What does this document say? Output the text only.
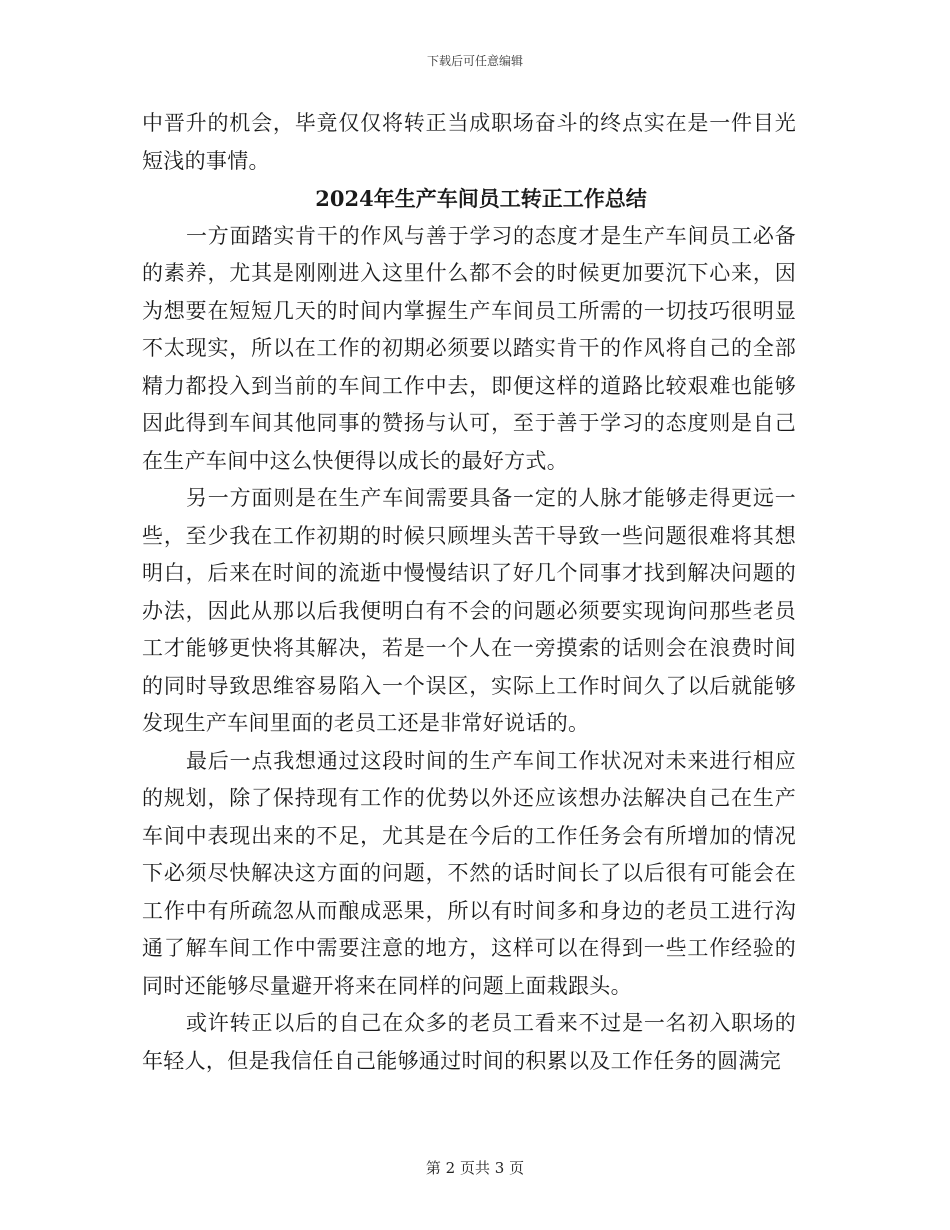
下载后可任意编辑

中晋升的机会，毕竟仅仅将转正当成职场奋斗的终点实在是一件目光短浅的事情。

2024年生产车间员工转正工作总结

一方面踏实肯干的作风与善于学习的态度才是生产车间员工必备的素养，尤其是刚刚进入这里什么都不会的时候更加要沉下心来，因为想要在短短几天的时间内掌握生产车间员工所需的一切技巧很明显不太现实，所以在工作的初期必须要以踏实肯干的作风将自己的全部精力都投入到当前的车间工作中去，即便这样的道路比较艰难也能够因此得到车间其他同事的赞扬与认可，至于善于学习的态度则是自己在生产车间中这么快便得以成长的最好方式。

另一方面则是在生产车间需要具备一定的人脉才能够走得更远一些，至少我在工作初期的时候只顾埋头苦干导致一些问题很难将其想明白，后来在时间的流逝中慢慢结识了好几个同事才找到解决问题的办法，因此从那以后我便明白有不会的问题必须要实现询问那些老员工才能够更快将其解决，若是一个人在一旁摸索的话则会在浪费时间的同时导致思维容易陷入一个误区，实际上工作时间久了以后就能够发现生产车间里面的老员工还是非常好说话的。

最后一点我想通过这段时间的生产车间工作状况对未来进行相应的规划，除了保持现有工作的优势以外还应该想办法解决自己在生产车间中表现出来的不足，尤其是在今后的工作任务会有所增加的情况下必须尽快解决这方面的问题，不然的话时间长了以后很有可能会在工作中有所疏忽从而酿成恶果，所以有时间多和身边的老员工进行沟通了解车间工作中需要注意的地方，这样可以在得到一些工作经验的同时还能够尽量避开将来在同样的问题上面栽跟头。

或许转正以后的自己在众多的老员工看来不过是一名初入职场的年轻人，但是我信任自己能够通过时间的积累以及工作任务的圆满完

第 2 页共 3 页
